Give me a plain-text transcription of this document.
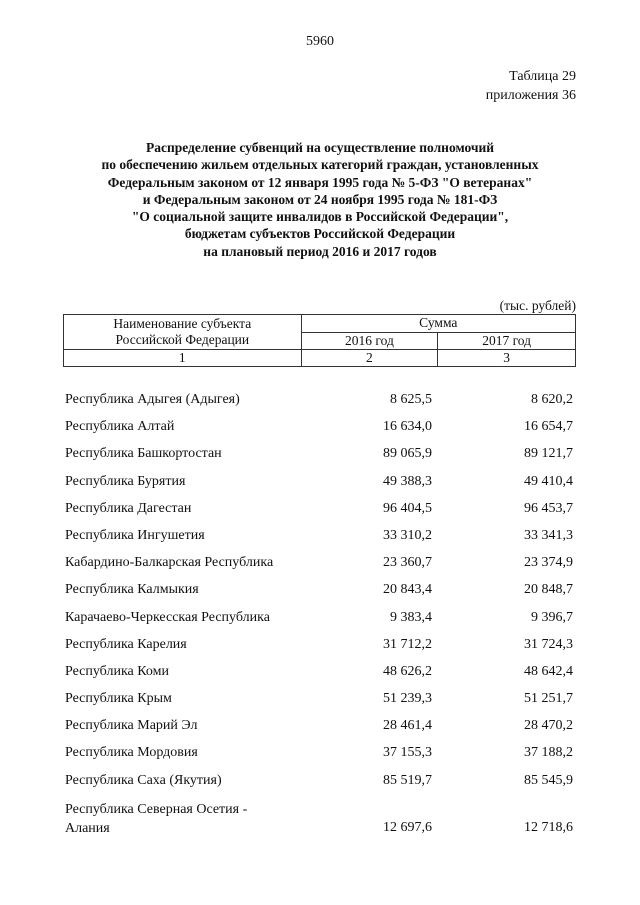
5960
Таблица 29
приложения 36
Распределение субвенций на осуществление полномочий
по обеспечению жильем отдельных категорий граждан, установленных
Федеральным законом от 12 января 1995 года № 5-ФЗ "О ветеранах"
и Федеральным законом от 24 ноября 1995 года № 181-ФЗ
"О социальной защите инвалидов в Российской Федерации",
бюджетам субъектов Российской Федерации
на плановый период 2016 и 2017 годов
(тыс. рублей)
Наименование субъекта
Российской Федерации	Сумма	
	2016 год	2017 год
1	2	3
Республика Адыгея (Адыгея)	8 625,5	8 620,2
Республика Алтай	16 634,0	16 654,7
Республика Башкортостан	89 065,9	89 121,7
Республика Бурятия	49 388,3	49 410,4
Республика Дагестан	96 404,5	96 453,7
Республика Ингушетия	33 310,2	33 341,3
Кабардино-Балкарская Республика	23 360,7	23 374,9
Республика Калмыкия	20 843,4	20 848,7
Карачаево-Черкесская Республика	9 383,4	9 396,7
Республика Карелия	31 712,2	31 724,3
Республика Коми	48 626,2	48 642,4
Республика Крым	51 239,3	51 251,7
Республика Марий Эл	28 461,4	28 470,2
Республика Мордовия	37 155,3	37 188,2
Республика Саха (Якутия)	85 519,7	85 545,9
Республика Северная Осетия -
Алания	12 697,6	12 718,6
